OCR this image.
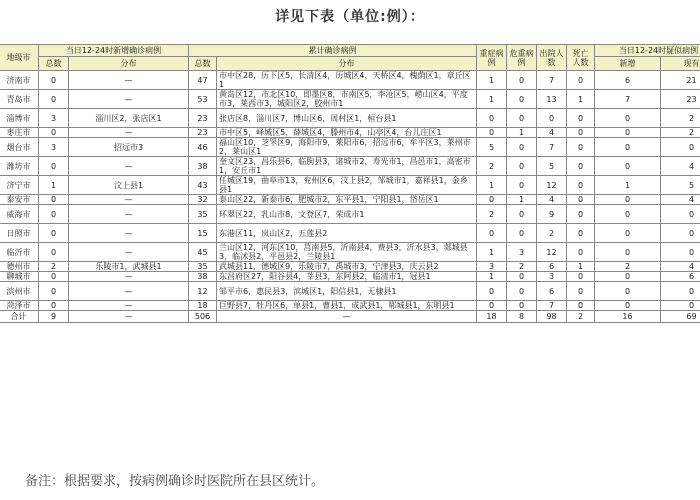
详见下表（单位:例）：
地级市	当日12-24时新增确诊病例		累计确诊病例		重症病例	危重病例	出院人数	死亡人数	当日12-24时疑似病例	
	总数	分布	总数	分布					新增	现有
济南市	0	—	47	市中区28，历下区5，长清区4，历城区4，天桥区4，槐荫区1，章丘区1	1	0	7	0	6	21
青岛市	0	—	53	黄岛区12，市北区10，即墨区8，市南区5，李沧区5，崂山区4，平度市3，莱西市3，城阳区2，胶州市1	1	0	13	1	7	23
淄博市	3	淄川区2，张店区1	23	张店区8，淄川区7，博山区6，周村区1，桓台县1	0	0	0	0	0	2
枣庄市	0	—	23	市中区5，峄城区5，薛城区4，滕州市4，山亭区4，台儿庄区1	0	1	4	0	0	2
烟台市	3	招远市3	46	福山区10，芝罘区9，海阳市9，莱阳市6，招远市6，牟平区3，莱州市2，莱山区1	5	0	7	0	0	0
潍坊市	0	—	38	奎文区23，昌乐县6，临朐县3，诸城市2，寿光市1，昌邑市1，高密市1，安丘市1	2	0	5	0	0	4
济宁市	1	汶上县1	43	任城区19，曲阜市13，兖州区6，汶上县2，邹城市1，嘉祥县1，金乡县1	1	0	12	0	1	5
泰安市	0	—	32	泰山区22，新泰市6，肥城市2，东平县1，宁阳县1，岱岳区1	0	1	4	0	0	4
威海市	0	—	35	环翠区22，乳山市8，文登区7，荣成市1	2	0	9	0	0	0
日照市	0	—	15	东港区11，岚山区2，五莲县2	0	0	2	0	0	0
临沂市	0	—	45	兰山区12，河东区10，莒南县5，沂南县4，费县3，沂水县3，郯城县3，临沭县2，平邑县2，兰陵县1	1	3	12	0	0	0
德州市	2	乐陵市1，武城县1	35	武城县11，德城区9，乐陵市7，禹城市3，宁津县3，庆云县2	3	2	6	1	2	4
聊城市	0	—	38	东昌府区27，阳谷县4，莘县3，东阿县2，临清市1，冠县1	1	0	3	0	0	6
滨州市	0	—	12	邹平市6，惠民县3，滨城区1，阳信县1，无棣县1	0	0	6	0	0	0
菏泽市	0	—	18	巨野县7，牡丹区6，单县1，曹县1，成武县1，郓城县1，东明县1	0	0	7	0	0	0
合计	9	—	506	—	18	8	98	2	16	69
备注：根据要求，按病例确诊时医院所在县区统计。
